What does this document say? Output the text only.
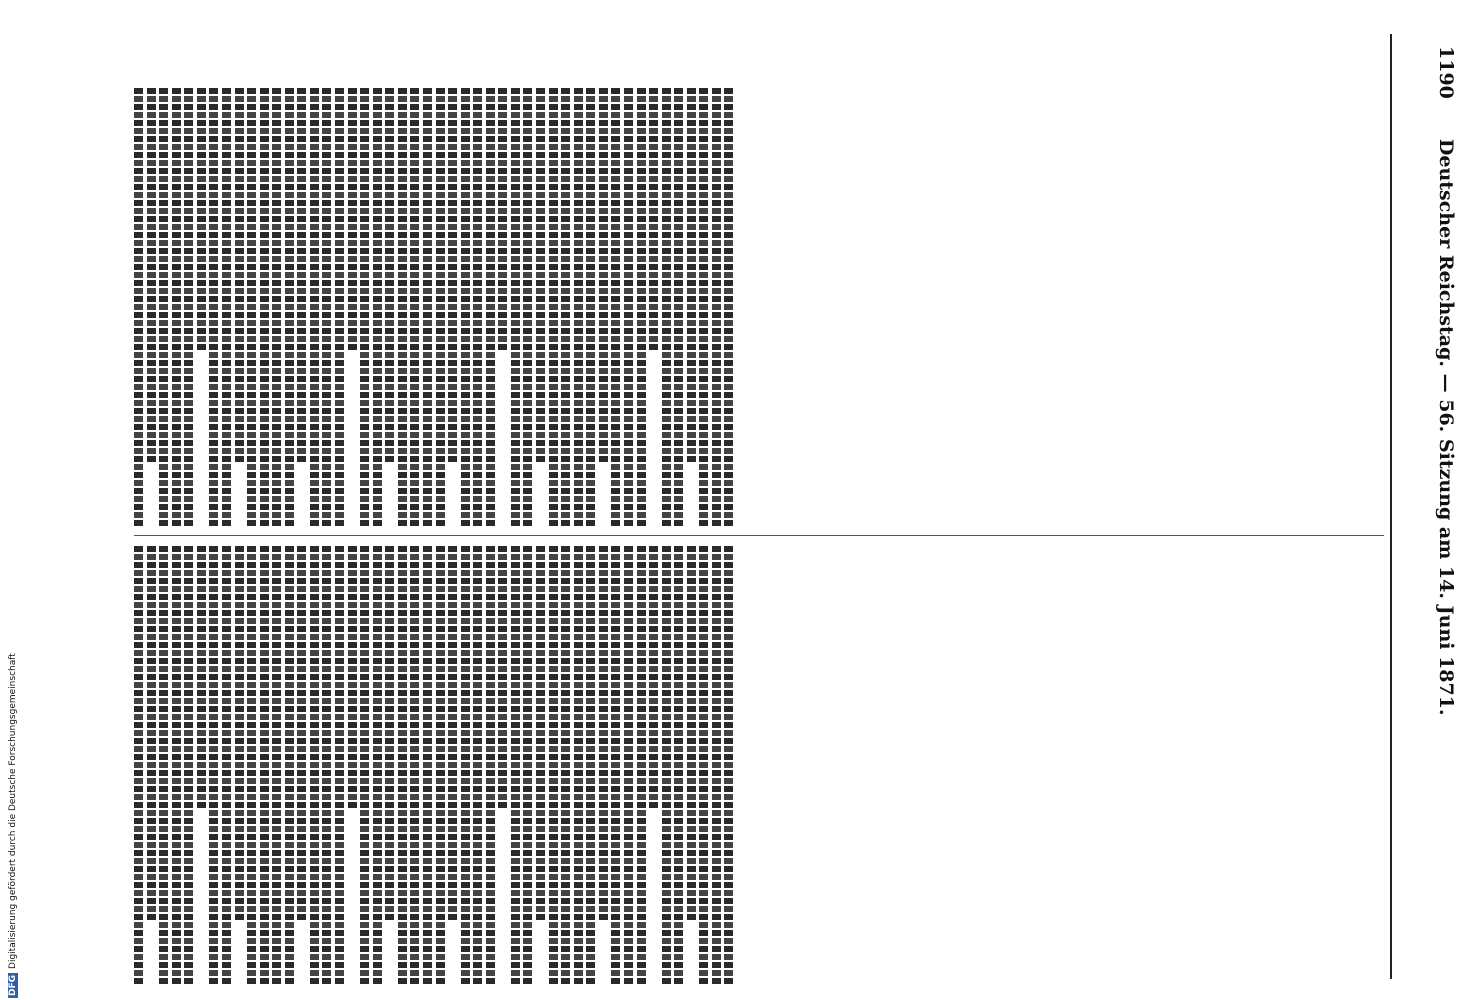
1190
Deutscher Reichstag. — 56. Sitzung am 14. Juni 1871.
DFG
Digitalisierung gefördert durch die Deutsche Forschungsgemeinschaft
